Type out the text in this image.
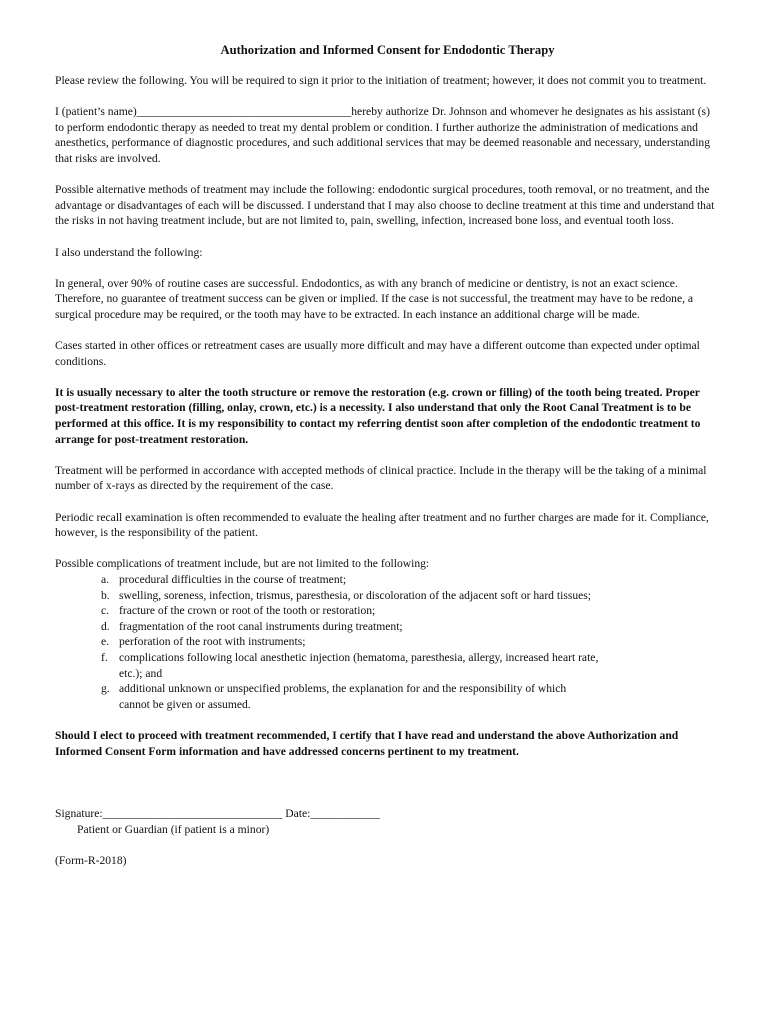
Authorization and Informed Consent for Endodontic Therapy

Please review the following. You will be required to sign it prior to the initiation of treatment; however, it does not commit you to treatment.

I (patient’s name)_____________________________________hereby authorize Dr. Johnson and whomever he designates as his assistant (s) to perform endodontic therapy as needed to treat my dental problem or condition. I further authorize the administration of medications and anesthetics, performance of diagnostic procedures, and such additional services that may be deemed reasonable and necessary, understanding that risks are involved.

Possible alternative methods of treatment may include the following: endodontic surgical procedures, tooth removal, or no treatment, and the advantage or disadvantages of each will be discussed. I understand that I may also choose to decline treatment at this time and understand that the risks in not having treatment include, but are not limited to, pain, swelling, infection, increased bone loss, and eventual tooth loss.

I also understand the following:

In general, over 90% of routine cases are successful. Endodontics, as with any branch of medicine or dentistry, is not an exact science. Therefore, no guarantee of treatment success can be given or implied. If the case is not successful, the treatment may have to be redone, a surgical procedure may be required, or the tooth may have to be extracted. In each instance an additional charge will be made.

Cases started in other offices or retreatment cases are usually more difficult and may have a different outcome than expected under optimal conditions.

It is usually necessary to alter the tooth structure or remove the restoration (e.g. crown or filling) of the tooth being treated. Proper post-treatment restoration (filling, onlay, crown, etc.) is a necessity. I also understand that only the Root Canal Treatment is to be performed at this office. It is my responsibility to contact my referring dentist soon after completion of the endodontic treatment to arrange for post-treatment restoration.

Treatment will be performed in accordance with accepted methods of clinical practice. Include in the therapy will be the taking of a minimal number of x-rays as directed by the requirement of the case.

Periodic recall examination is often recommended to evaluate the healing after treatment and no further charges are made for it. Compliance, however, is the responsibility of the patient.

Possible complications of treatment include, but are not limited to the following:

a. procedural difficulties in the course of treatment;
b. swelling, soreness, infection, trismus, paresthesia, or discoloration of the adjacent soft or hard tissues;
c. fracture of the crown or root of the tooth or restoration;
d. fragmentation of the root canal instruments during treatment;
e. perforation of the root with instruments;
f. complications following local anesthetic injection (hematoma, paresthesia, allergy, increased heart rate, etc.); and
g. additional unknown or unspecified problems, the explanation for and the responsibility of which cannot be given or assumed.

Should I elect to proceed with treatment recommended, I certify that I have read and understand the above Authorization and Informed Consent Form information and have addressed concerns pertinent to my treatment.

Signature:_______________________________ Date:____________

Patient or Guardian (if patient is a minor)

(Form-R-2018)
